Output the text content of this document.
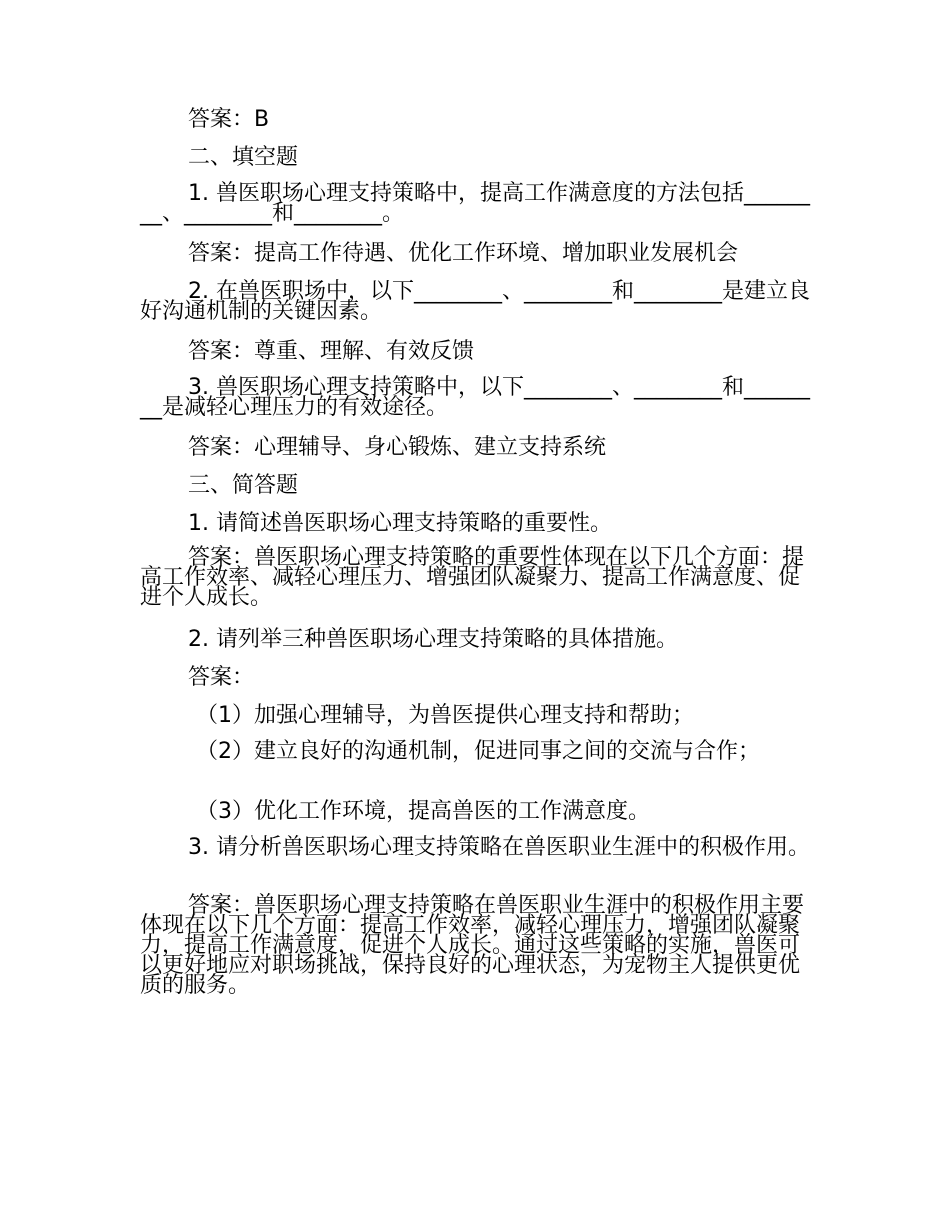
答案：B

二、填空题

1. 兽医职场心理支持策略中，提高工作满意度的方法包括________、________和________。

答案：提高工作待遇、优化工作环境、增加职业发展机会

2. 在兽医职场中，以下________、________和________是建立良好沟通机制的关键因素。

答案：尊重、理解、有效反馈

3. 兽医职场心理支持策略中，以下________、________和________是减轻心理压力的有效途径。

答案：心理辅导、身心锻炼、建立支持系统

三、简答题

1. 请简述兽医职场心理支持策略的重要性。

答案：兽医职场心理支持策略的重要性体现在以下几个方面：提高工作效率、减轻心理压力、增强团队凝聚力、提高工作满意度、促进个人成长。

2. 请列举三种兽医职场心理支持策略的具体措施。

答案：

（1）加强心理辅导，为兽医提供心理支持和帮助；

（2）建立良好的沟通机制，促进同事之间的交流与合作；

（3）优化工作环境，提高兽医的工作满意度。

3. 请分析兽医职场心理支持策略在兽医职业生涯中的积极作用。

答案：兽医职场心理支持策略在兽医职业生涯中的积极作用主要体现在以下几个方面：提高工作效率，减轻心理压力，增强团队凝聚力，提高工作满意度，促进个人成长。通过这些策略的实施，兽医可以更好地应对职场挑战，保持良好的心理状态，为宠物主人提供更优质的服务。
